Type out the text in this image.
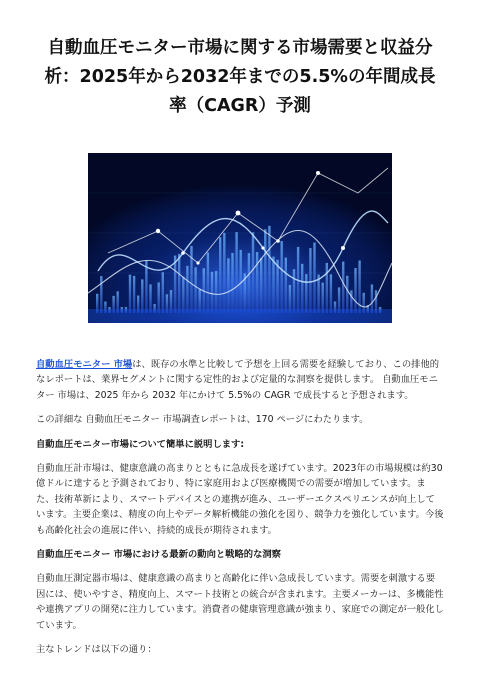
自動血圧モニター市場に関する市場需要と収益分析：2025年から2032年までの5.5%の年間成長率（CAGR）予測

自動血圧モニター 市場は、既存の水準と比較して予想を上回る需要を経験しており、この排他的なレポートは、業界セグメントに関する定性的および定量的な洞察を提供します。 自動血圧モニター 市場は、2025 年から 2032 年にかけて 5.5%の CAGR で成長すると予想されます。

この詳細な 自動血圧モニター 市場調査レポートは、170 ページにわたります。

自動血圧モニター市場について簡単に説明します:

自動血圧計市場は、健康意識の高まりとともに急成長を遂げています。2023年の市場規模は約30億ドルに達すると予測されており、特に家庭用および医療機関での需要が増加しています。また、技術革新により、スマートデバイスとの連携が進み、ユーザーエクスペリエンスが向上しています。主要企業は、精度の向上やデータ解析機能の強化を図り、競争力を強化しています。今後も高齢化社会の進展に伴い、持続的成長が期待されます。

自動血圧モニター 市場における最新の動向と戦略的な洞察

自動血圧測定器市場は、健康意識の高まりと高齢化に伴い急成長しています。需要を刺激する要因には、使いやすさ、精度向上、スマート技術との統合が含まれます。主要メーカーは、多機能性や連携アプリの開発に注力しています。消費者の健康管理意識が強まり、家庭での測定が一般化しています。

主なトレンドは以下の通り：
